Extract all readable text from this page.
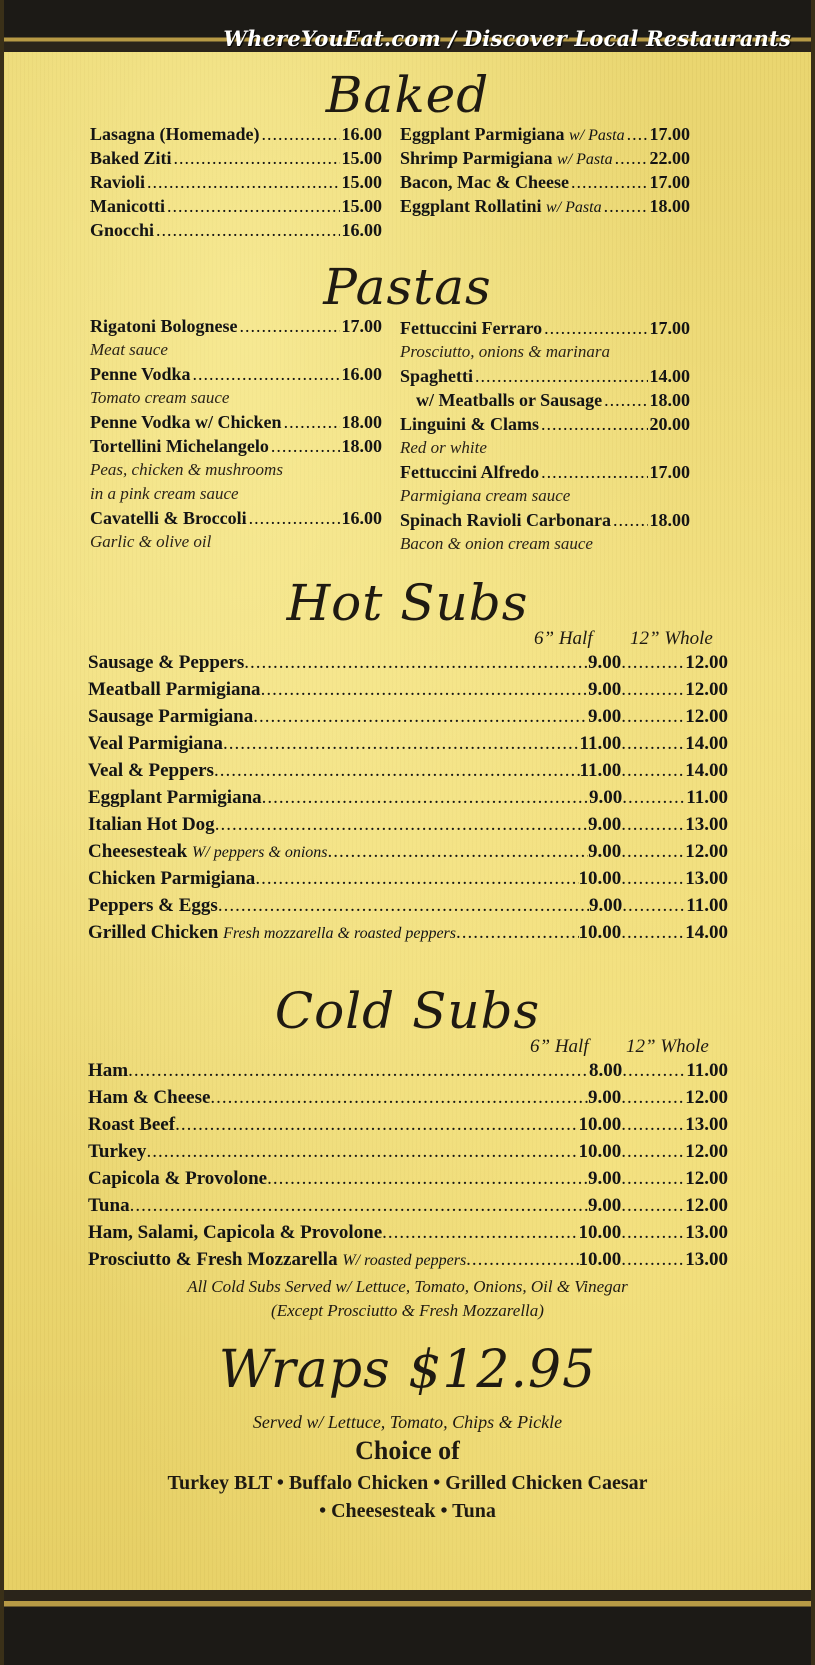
WhereYouEat.com / Discover Local Restaurants
Baked
Lasagna (Homemade) .....	16.00
Baked Ziti .....	15.00
Ravioli .....	15.00
Manicotti .....	15.00
Gnocchi .....	16.00
Eggplant Parmigiana
w/ Pasta ..... 17.00
Shrimp Parmigiana
w/ Pasta ..... 22.00
Bacon, Mac & Cheese .....	17.00
Eggplant Rollatini
w/ Pasta .....	18.00
Pastas
Rigatoni Bolognese .....	17.00
Meat sauce
Penne Vodka .....	16.00
Tomato cream sauce
Penne Vodka w/ Chicken .....	18.00
Tortellini Michelangelo .....	18.00
Peas, chicken & mushrooms
in a pink cream sauce
Cavatelli & Broccoli .....	16.00
Garlic & olive oil
Fettuccini Ferraro .....	17.00
Prosciutto, onions & marinara
Spaghetti .....	14.00
w/ Meatballs or Sausage .....	18.00
Linguini & Clams .....	20.00
Red or white
Fettuccini Alfredo .....	17.00
Parmigiana cream sauce
Spinach Ravioli Carbonara ..... 18.00
Bacon & onion cream sauce
Hot Subs
6” Half 12” Whole
Sausage & Peppers .....	9.00 .....	12.00
Meatball Parmigiana .....	9.00 .....	12.00
Sausage Parmigiana .....	9.00 .....	12.00
Veal Parmigiana .....	11.00 .....	14.00
Veal & Peppers .....	11.00 .....	14.00
Eggplant Parmigiana .....	9.00 .....	11.00
Italian Hot Dog .....	9.00 .....	13.00
Cheesesteak
W/ peppers & onions .....	9.00 .....	12.00
Chicken Parmigiana .....	10.00 .....	13.00
Peppers & Eggs .....	9.00 .....	11.00
Grilled Chicken
Fresh mozzarella & roasted peppers .....	10.00 .....	14.00
Cold Subs
6” Half 12” Whole
Ham .....	8.00 .....	11.00
Ham & Cheese .....	9.00 .....	12.00
Roast Beef .....	10.00 .....	13.00
Turkey .....	10.00 .....	12.00
Capicola & Provolone .....	9.00 .....	12.00
Tuna .....	9.00 .....	12.00
Ham, Salami, Capicola & Provolone .....	10.00 .....	13.00
Prosciutto & Fresh Mozzarella
W/ roasted peppers .....	10.00 .....	13.00
All Cold Subs Served w/ Lettuce, Tomato, Onions, Oil & Vinegar
(Except Prosciutto & Fresh Mozzarella)
Wraps $12.95
Served w/ Lettuce, Tomato, Chips & Pickle
Choice of
Turkey BLT • Buffalo Chicken • Grilled Chicken Caesar
• Cheesesteak • Tuna
